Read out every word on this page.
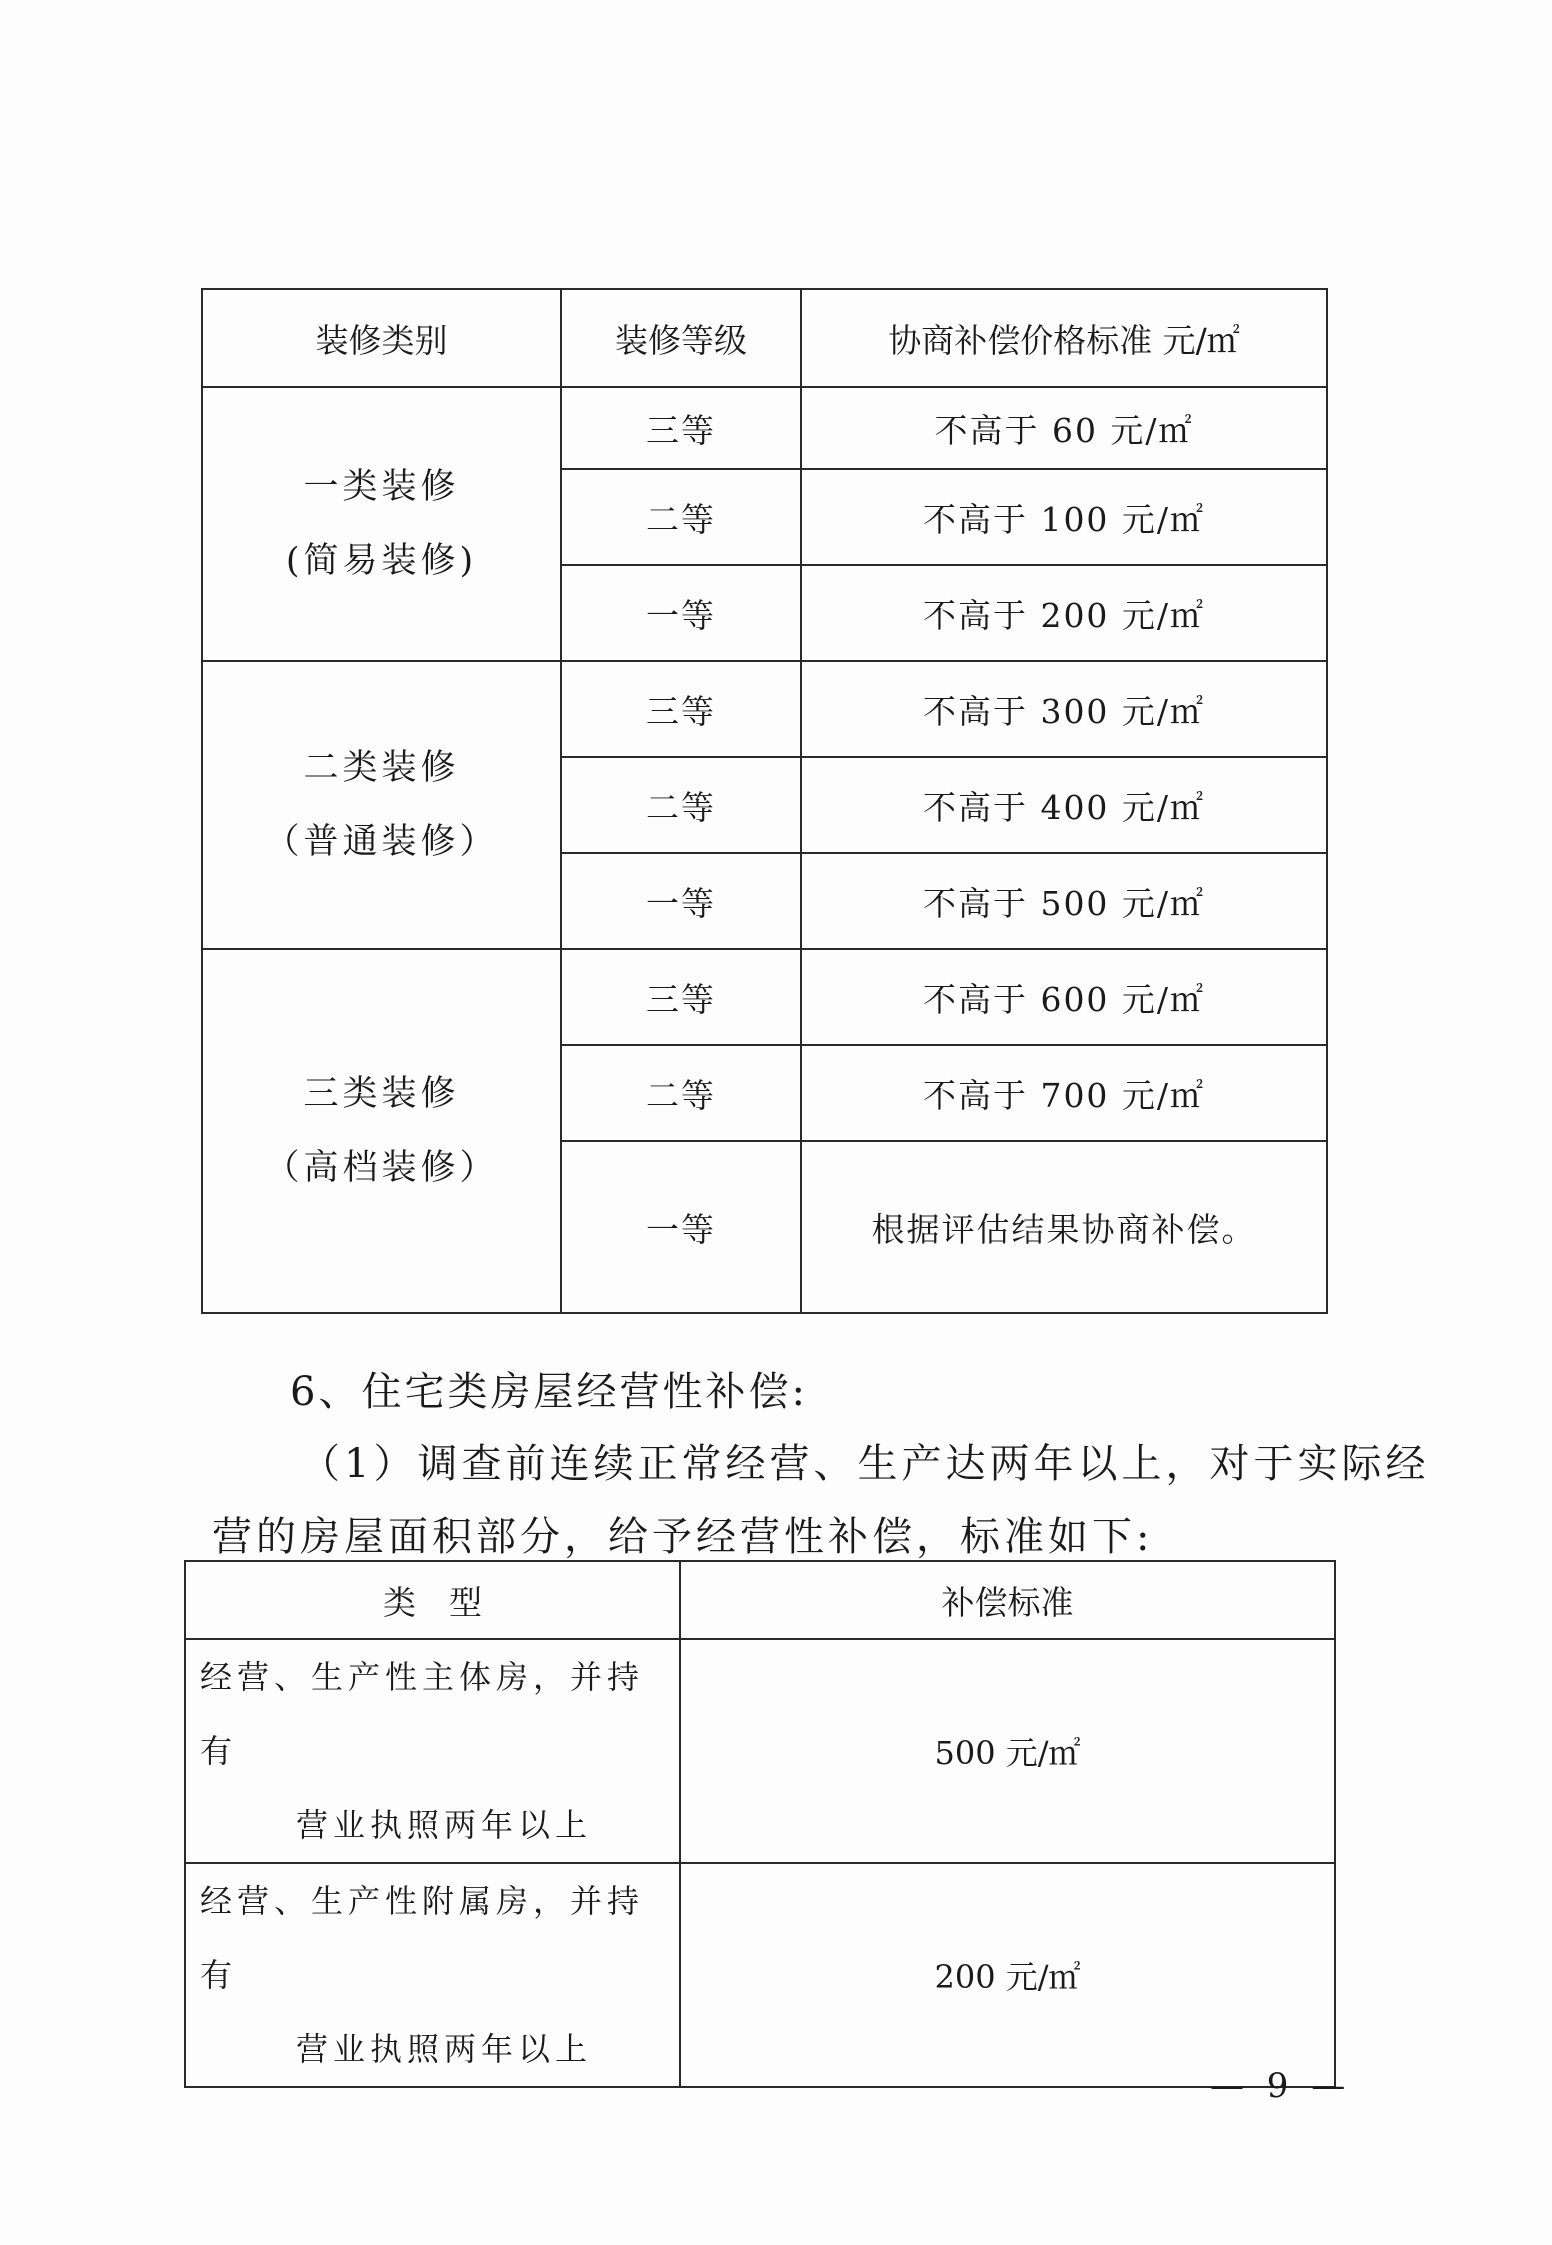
装修类别	装修等级	协商补偿价格标准 元/㎡

一类装修
(简易装修)	三等	不高于 60 元/㎡
	二等	不高于 100 元/㎡
	一等	不高于 200 元/㎡

二类装修
（普通装修）	三等	不高于 300 元/㎡
	二等	不高于 400 元/㎡
	一等	不高于 500 元/㎡

三类装修
（高档装修）	三等	不高于 600 元/㎡
	二等	不高于 700 元/㎡
	一等	根据评估结果协商补偿。
6、住宅类房屋经营性补偿:
（1）调查前连续正常经营、生产达两年以上，对于实际经
营的房屋面积部分，给予经营性补偿，标准如下:
类　型	补偿标准

经营、生产性主体房，并持有
营业执照两年以上	500 元/㎡

经营、生产性附属房，并持有
营业执照两年以上	200 元/㎡
— 9 —
